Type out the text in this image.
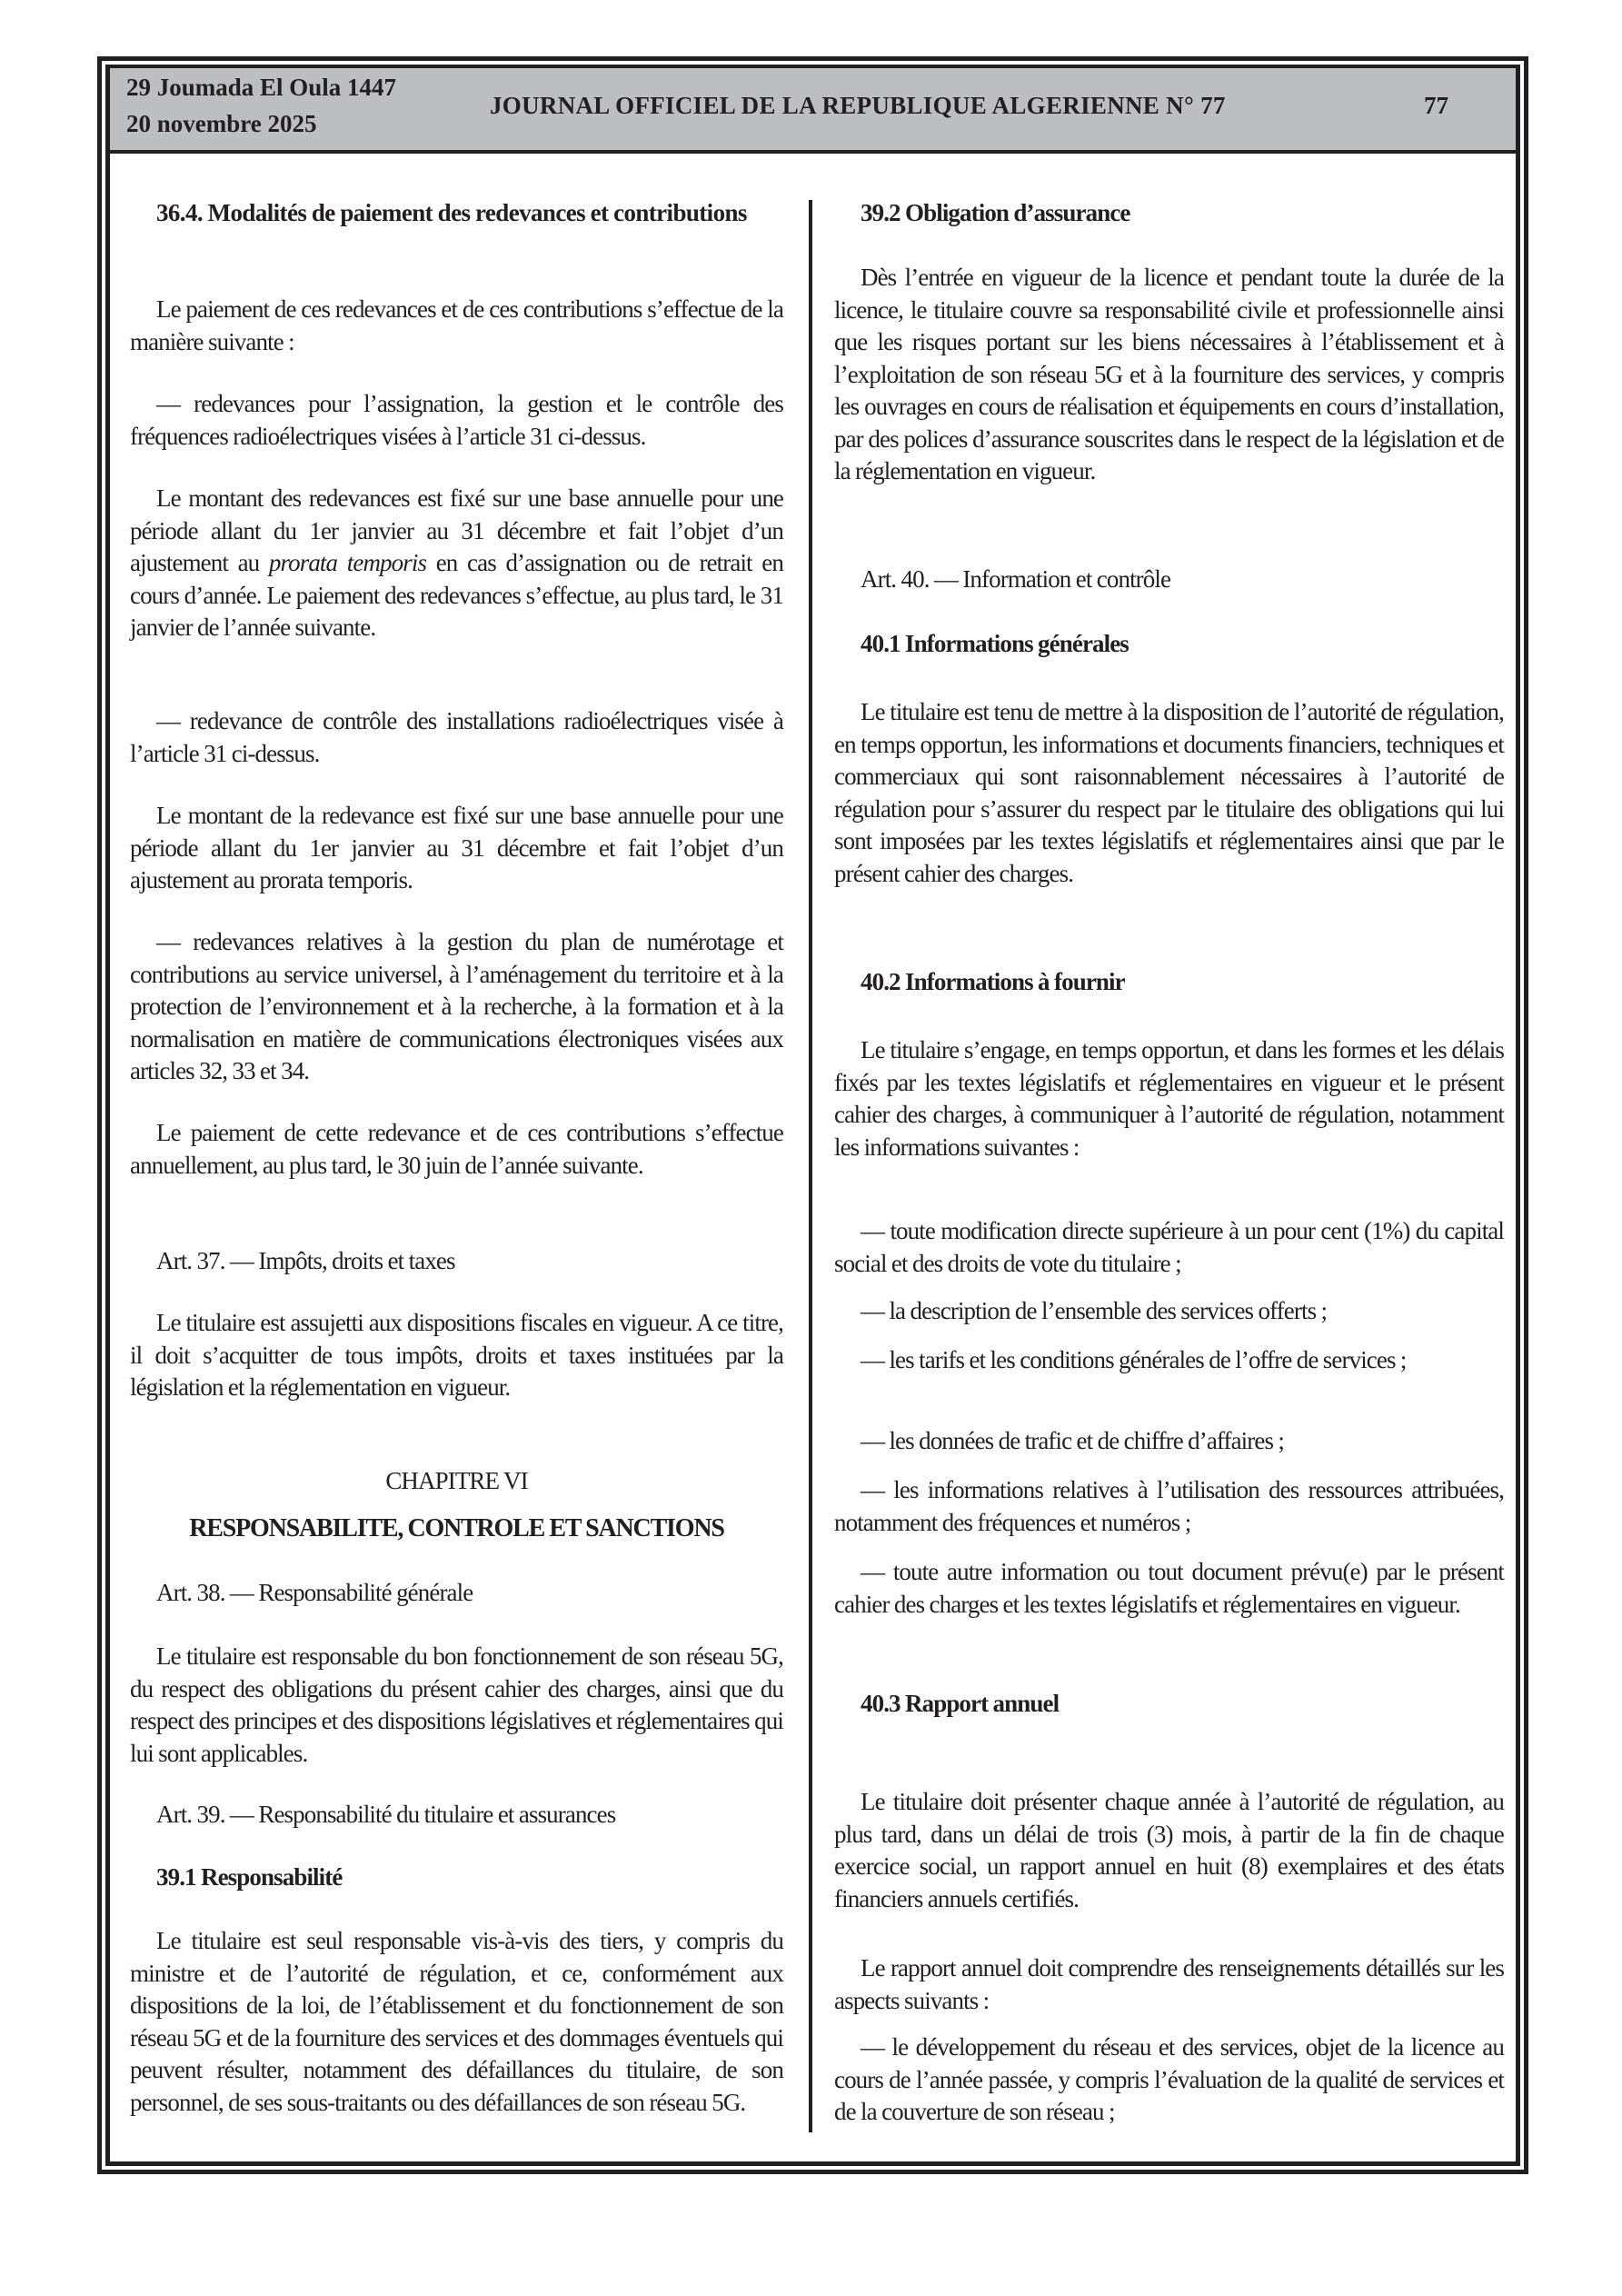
29 Joumada El Oula 1447
20 novembre 2025
JOURNAL OFFICIEL DE LA REPUBLIQUE ALGERIENNE N° 77	77

36.4. Modalités de paiement des redevances et contributions

Le paiement de ces redevances et de ces contributions s’effectue de la manière suivante :

— redevances pour l’assignation, la gestion et le contrôle des fréquences radioélectriques visées à l’article 31 ci-dessus.

Le montant des redevances est fixé sur une base annuelle pour une période allant du 1er janvier au 31 décembre et fait l’objet d’un ajustement au prorata temporis en cas d’assignation ou de retrait en cours d’année. Le paiement des redevances s’effectue, au plus tard, le 31 janvier de l’année suivante.

— redevance de contrôle des installations radioélectriques visée à l’article 31 ci-dessus.

Le montant de la redevance est fixé sur une base annuelle pour une période allant du 1er janvier au 31 décembre et fait l’objet d’un ajustement au prorata temporis.

— redevances relatives à la gestion du plan de numérotage et contributions au service universel, à l’aménagement du territoire et à la protection de l’environnement et à la recherche, à la formation et à la normalisation en matière de communications électroniques visées aux articles 32, 33 et 34.

Le paiement de cette redevance et de ces contributions s’effectue annuellement, au plus tard, le 30 juin de l’année suivante.

Art. 37. — Impôts, droits et taxes

Le titulaire est assujetti aux dispositions fiscales en vigueur. A ce titre, il doit s’acquitter de tous impôts, droits et taxes instituées par la législation et la réglementation en vigueur.

CHAPITRE VI

RESPONSABILITE, CONTROLE ET SANCTIONS

Art. 38. — Responsabilité générale

Le titulaire est responsable du bon fonctionnement de son réseau 5G, du respect des obligations du présent cahier des charges, ainsi que du respect des principes et des dispositions législatives et réglementaires qui lui sont applicables.

Art. 39. — Responsabilité du titulaire et assurances

39.1 Responsabilité

Le titulaire est seul responsable vis-à-vis des tiers, y compris du ministre et de l’autorité de régulation, et ce, conformément aux dispositions de la loi, de l’établissement et du fonctionnement de son réseau 5G et de la fourniture des services et des dommages éventuels qui peuvent résulter, notamment des défaillances du titulaire, de son personnel, de ses sous-traitants ou des défaillances de son réseau 5G.

39.2 Obligation d’assurance

Dès l’entrée en vigueur de la licence et pendant toute la durée de la licence, le titulaire couvre sa responsabilité civile et professionnelle ainsi que les risques portant sur les biens nécessaires à l’établissement et à l’exploitation de son réseau 5G et à la fourniture des services, y compris les ouvrages en cours de réalisation et équipements en cours d’installation, par des polices d’assurance souscrites dans le respect de la législation et de la réglementation en vigueur.

Art. 40. — Information et contrôle

40.1 Informations générales

Le titulaire est tenu de mettre à la disposition de l’autorité de régulation, en temps opportun, les informations et documents financiers, techniques et commerciaux qui sont raisonnablement nécessaires à l’autorité de régulation pour s’assurer du respect par le titulaire des obligations qui lui sont imposées par les textes législatifs et réglementaires ainsi que par le présent cahier des charges.

40.2 Informations à fournir

Le titulaire s’engage, en temps opportun, et dans les formes et les délais fixés par les textes législatifs et réglementaires en vigueur et le présent cahier des charges, à communiquer à l’autorité de régulation, notamment les informations suivantes :

— toute modification directe supérieure à un pour cent (1%) du capital social et des droits de vote du titulaire ;

— la description de l’ensemble des services offerts ;

— les tarifs et les conditions générales de l’offre de services ;

— les données de trafic et de chiffre d’affaires ;

— les informations relatives à l’utilisation des ressources attribuées, notamment des fréquences et numéros ;

— toute autre information ou tout document prévu(e) par le présent cahier des charges et les textes législatifs et réglementaires en vigueur.

40.3 Rapport annuel

Le titulaire doit présenter chaque année à l’autorité de régulation, au plus tard, dans un délai de trois (3) mois, à partir de la fin de chaque exercice social, un rapport annuel en huit (8) exemplaires et des états financiers annuels certifiés.

Le rapport annuel doit comprendre des renseignements détaillés sur les aspects suivants :

— le développement du réseau et des services, objet de la licence au cours de l’année passée, y compris l’évaluation de la qualité de services et de la couverture de son réseau ;
